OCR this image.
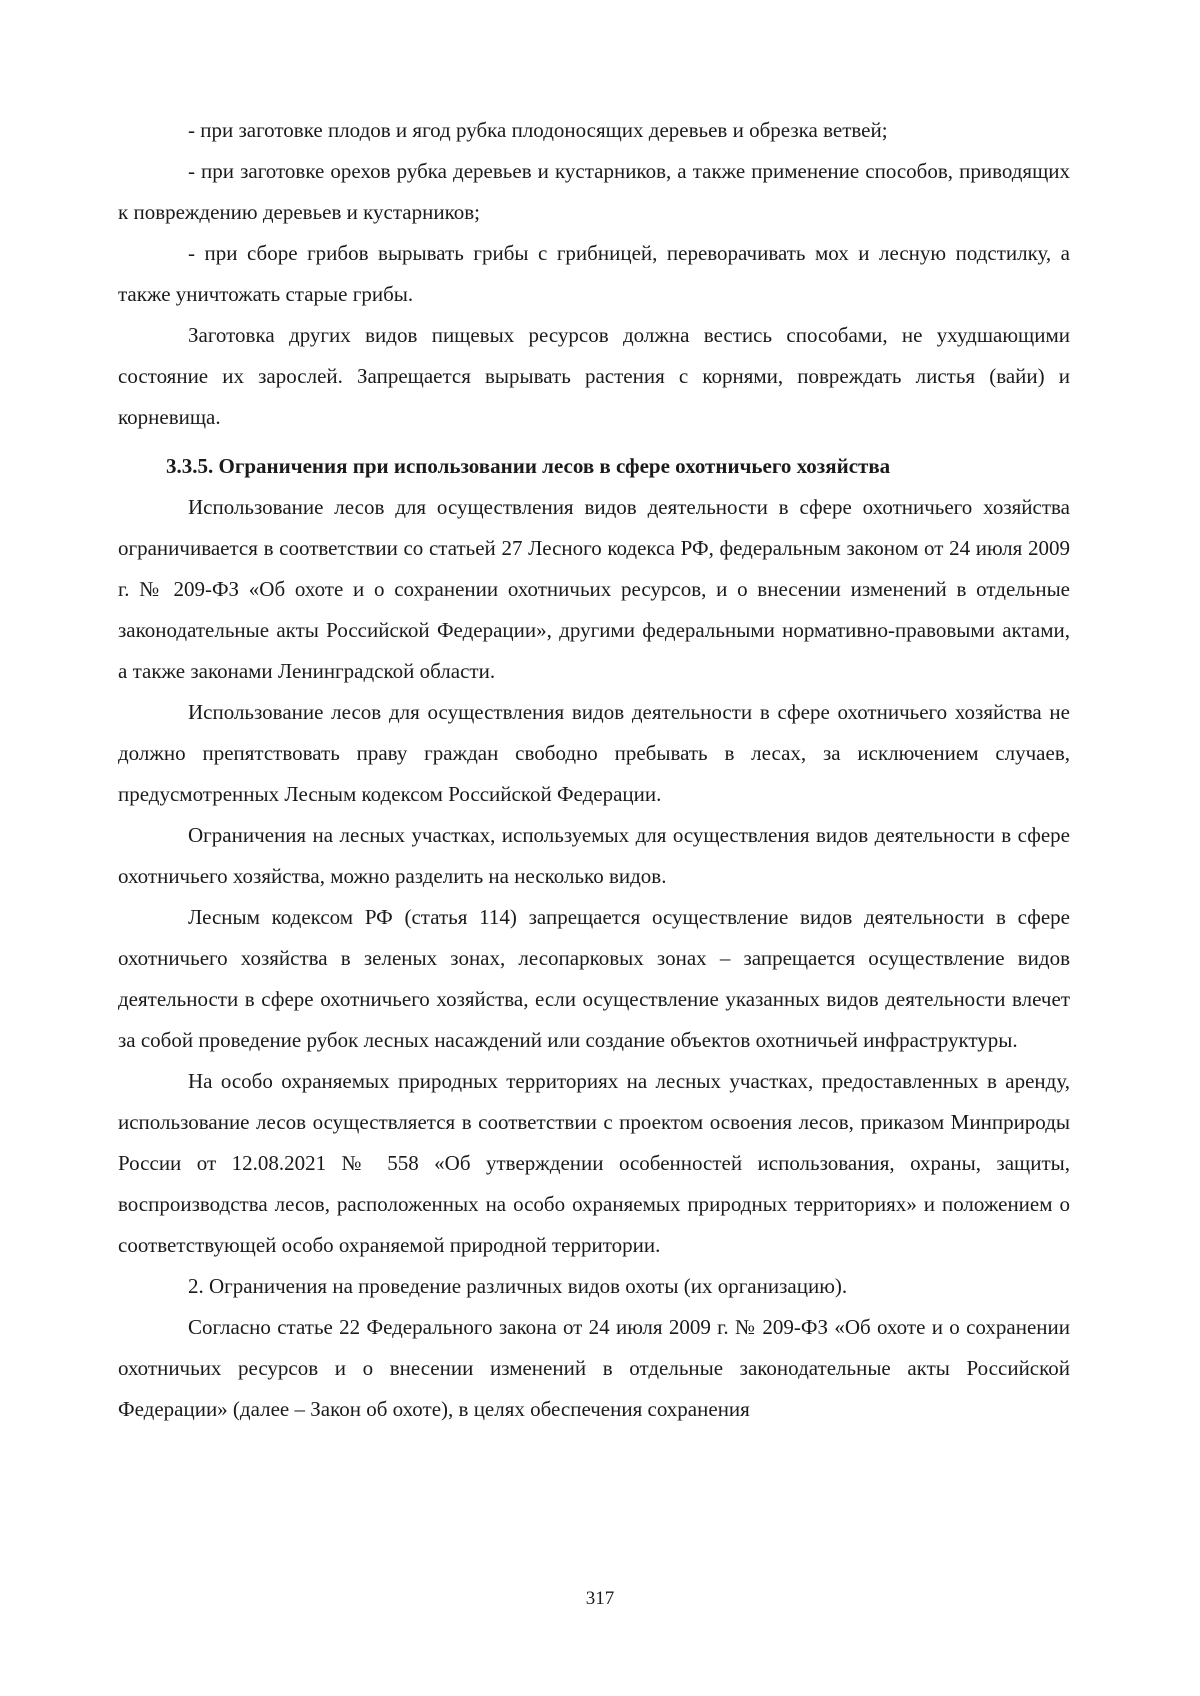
- при заготовке плодов и ягод рубка плодоносящих деревьев и обрезка ветвей;

- при заготовке орехов рубка деревьев и кустарников, а также применение способов, приводящих к повреждению деревьев и кустарников;

- при сборе грибов вырывать грибы с грибницей, переворачивать мох и лесную подстилку, а также уничтожать старые грибы.

Заготовка других видов пищевых ресурсов должна вестись способами, не ухудшающими состояние их зарослей. Запрещается вырывать растения с корнями, повреждать листья (вайи) и корневища.

3.3.5. Ограничения при использовании лесов в сфере охотничьего хозяйства

Использование лесов для осуществления видов деятельности в сфере охотничьего хозяйства ограничивается в соответствии со статьей 27 Лесного кодекса РФ, федеральным законом от 24 июля 2009 г. № 209-ФЗ «Об охоте и о сохранении охотничьих ресурсов, и о внесении изменений в отдельные законодательные акты Российской Федерации», другими федеральными нормативно-правовыми актами, а также законами Ленинградской области.

Использование лесов для осуществления видов деятельности в сфере охотничьего хозяйства не должно препятствовать праву граждан свободно пребывать в лесах, за исключением случаев, предусмотренных Лесным кодексом Российской Федерации.

Ограничения на лесных участках, используемых для осуществления видов деятельности в сфере охотничьего хозяйства, можно разделить на несколько видов.

Лесным кодексом РФ (статья 114) запрещается осуществление видов деятельности в сфере охотничьего хозяйства в зеленых зонах, лесопарковых зонах – запрещается осуществление видов деятельности в сфере охотничьего хозяйства, если осуществление указанных видов деятельности влечет за собой проведение рубок лесных насаждений или создание объектов охотничьей инфраструктуры.

На особо охраняемых природных территориях на лесных участках, предоставленных в аренду, использование лесов осуществляется в соответствии с проектом освоения лесов, приказом Минприроды России от 12.08.2021 № 558 «Об утверждении особенностей использования, охраны, защиты, воспроизводства лесов, расположенных на особо охраняемых природных территориях» и положением о соответствующей особо охраняемой природной территории.

2. Ограничения на проведение различных видов охоты (их организацию).

Согласно статье 22 Федерального закона от 24 июля 2009 г. № 209-ФЗ «Об охоте и о сохранении охотничьих ресурсов и о внесении изменений в отдельные законодательные акты Российской Федерации» (далее – Закон об охоте), в целях обеспечения сохранения

317
